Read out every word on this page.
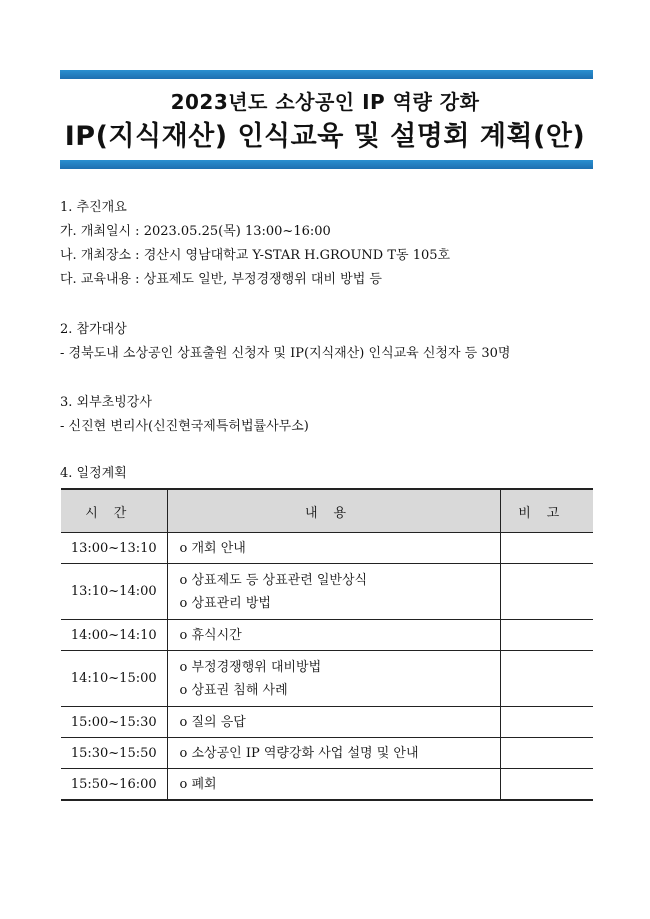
2023년도 소상공인 IP 역량 강화
IP(지식재산) 인식교육 및 설명회 계획(안)
1. 추진개요
가. 개최일시 : 2023.05.25(목) 13:00~16:00
나. 개최장소 : 경산시 영남대학교 Y-STAR H.GROUND T동 105호
다. 교육내용 : 상표제도 일반, 부정경쟁행위 대비 방법 등
2. 참가대상
- 경북도내 소상공인 상표출원 신청자 및 IP(지식재산) 인식교육 신청자 등 30명
3. 외부초빙강사
- 신진현 변리사(신진현국제특허법률사무소)
4. 일정계획
시간	내용	비고
13:00~13:10	o 개회 안내	

13:10~14:00	o 상표제도 등 상표관련 일반상식
o 상표관리 방법	

14:00~14:10	o 휴식시간	

14:10~15:00	o 부정경쟁행위 대비방법
o 상표권 침해 사례	

15:00~15:30	o 질의 응답	

15:30~15:50	o 소상공인 IP 역량강화 사업 설명 및 안내	

15:50~16:00	o 폐회	
